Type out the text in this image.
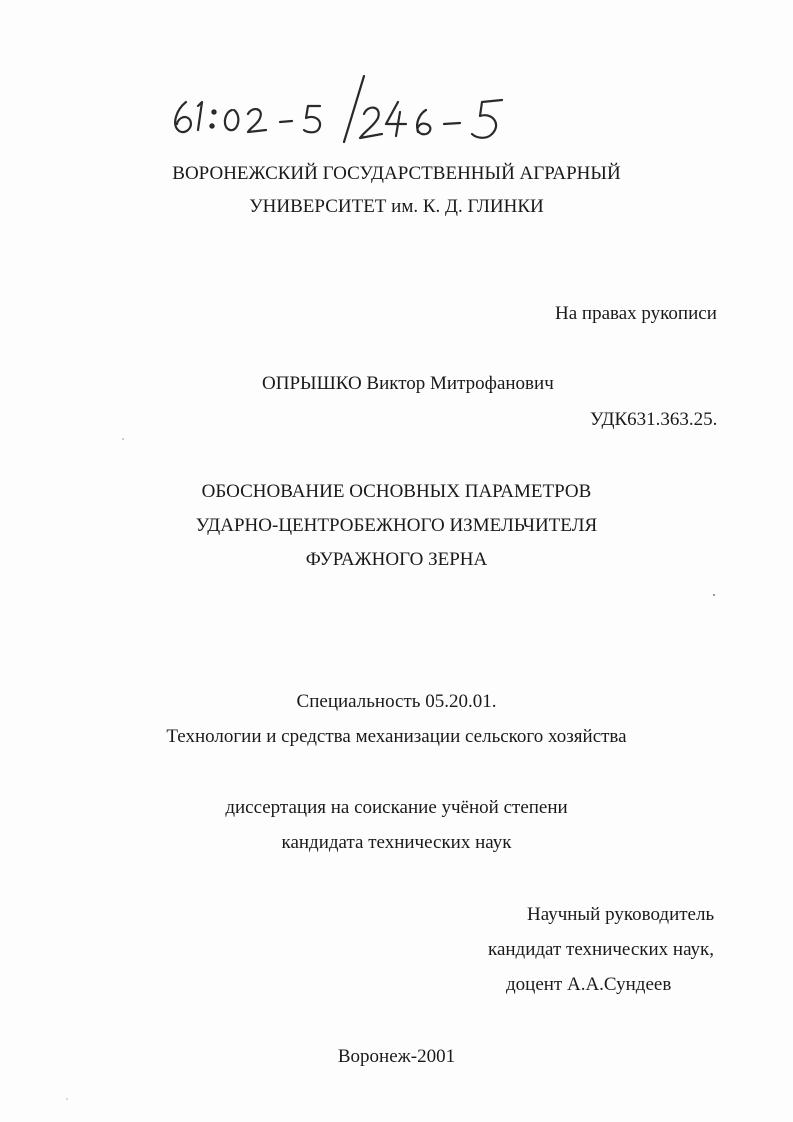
ВОРОНЕЖСКИЙ ГОСУДАРСТВЕННЫЙ АГРАРНЫЙ
УНИВЕРСИТЕТ им. К. Д. ГЛИНКИ
На правах рукописи
ОПРЫШКО Виктор Митрофанович
УДК631.363.25.
ОБОСНОВАНИЕ ОСНОВНЫХ ПАРАМЕТРОВ
УДАРНО-ЦЕНТРОБЕЖНОГО ИЗМЕЛЬЧИТЕЛЯ
ФУРАЖНОГО ЗЕРНА
Специальность 05.20.01.
Технологии и средства механизации сельского хозяйства
диссертация на соискание учёной степени
кандидата технических наук
Научный руководитель
кандидат технических наук,
доцент А.А.Сундеев
Воронеж-2001
